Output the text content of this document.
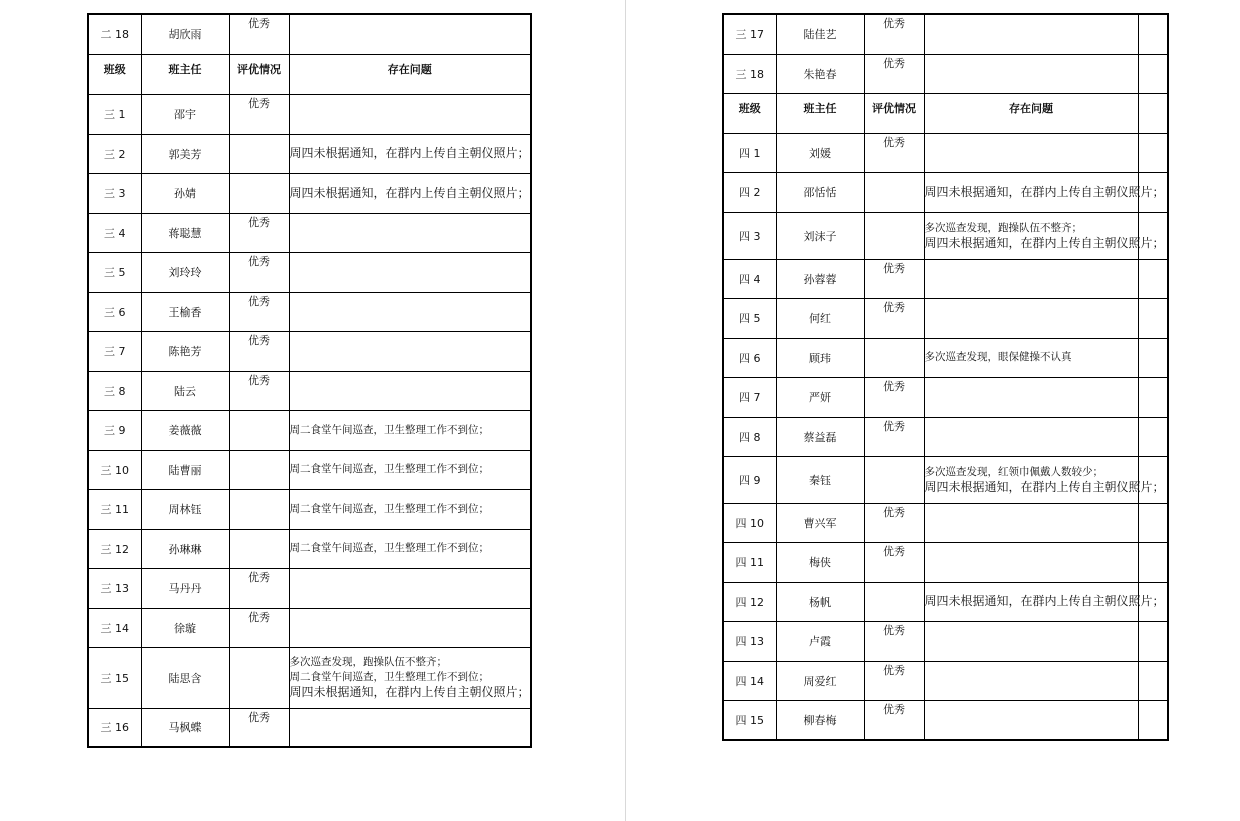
二 18	胡欣雨	优秀	
班级	班主任	评优情况	存在问题
三 1	邵宇	优秀	
三 2	郭美芳		周四未根据通知，在群内上传自主朝仪照片；

三 3	孙婧		周四未根据通知，在群内上传自主朝仪照片；

三 4	蒋聪慧	优秀	
三 5	刘玲玲	优秀	
三 6	王榆香	优秀	
三 7	陈艳芳	优秀	
三 8	陆云	优秀	
三 9	姜薇薇		周二食堂午间巡查，卫生整理工作不到位；

三 10	陆曹丽		周二食堂午间巡查，卫生整理工作不到位；

三 11	周林钰		周二食堂午间巡查，卫生整理工作不到位；

三 12	孙琳琳		周二食堂午间巡查，卫生整理工作不到位；

三 13	马丹丹	优秀	
三 14	徐璇	优秀	
三 15	陆思含		多次巡查发现，跑操队伍不整齐；
周二食堂午间巡查，卫生整理工作不到位；
周四未根据通知，在群内上传自主朝仪照片；

三 16	马枫蝶	优秀	
三 17	陆佳艺	优秀		
三 18	朱艳春	优秀		
班级	班主任	评优情况	存在问题	
四 1	刘媛	优秀		
四 2	邵恬恬		周四未根据通知，在群内上传自主朝仪照片；	

四 3	刘沫子		多次巡查发现，跑操队伍不整齐；
周四未根据通知，在群内上传自主朝仪照片；	

四 4	孙蓉蓉	优秀		
四 5	何红	优秀		
四 6	顾玮		多次巡查发现，眼保健操不认真	

四 7	严妍	优秀		
四 8	蔡益磊	优秀		
四 9	秦钰		多次巡查发现，红领巾佩戴人数较少；
周四未根据通知，在群内上传自主朝仪照片；	

四 10	曹兴军	优秀		
四 11	梅侠	优秀		
四 12	杨帆		周四未根据通知，在群内上传自主朝仪照片；	

四 13	卢霞	优秀		
四 14	周爱红	优秀		
四 15	柳春梅	优秀		
